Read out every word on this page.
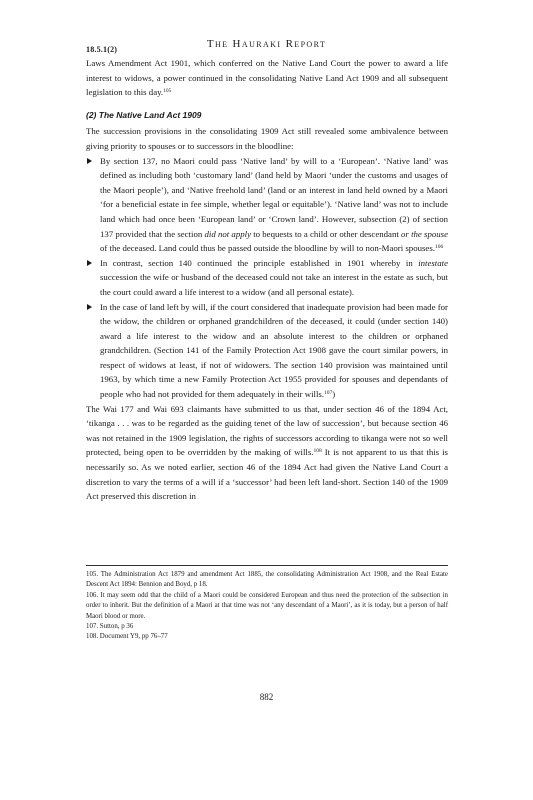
18.5.1(2)	The Hauraki Report

Laws Amendment Act 1901, which conferred on the Native Land Court the power to award a life interest to widows, a power continued in the consolidating Native Land Act 1909 and all subsequent legislation to this day.$^{105}$

(2) The Native Land Act 1909

The succession provisions in the consolidating 1909 Act still revealed some ambivalence between giving priority to spouses or to successors in the bloodline:

By section 137, no Maori could pass ‘Native land’ by will to a ‘European’. ‘Native land’ was defined as including both ‘customary land’ (land held by Maori ‘under the customs and usages of the Maori people’), and ‘Native freehold land’ (land or an interest in land held owned by a Maori ‘for a beneficial estate in fee simple, whether legal or equitable’). ‘Native land’ was not to include land which had once been ‘European land’ or ‘Crown land’. However, subsection (2) of section 137 provided that the section did not apply to bequests to a child or other descendant or the spouse of the deceased. Land could thus be passed outside the bloodline by will to non-Maori spouses.$^{106}$
In contrast, section 140 continued the principle established in 1901 whereby in intestate succession the wife or husband of the deceased could not take an interest in the estate as such, but the court could award a life interest to a widow (and all personal estate).
In the case of land left by will, if the court considered that inadequate provision had been made for the widow, the children or orphaned grandchildren of the deceased, it could (under section 140) award a life interest to the widow and an absolute interest to the children or orphaned grandchildren. (Section 141 of the Family Protection Act 1908 gave the court similar powers, in respect of widows at least, if not of widowers. The section 140 provision was maintained until 1963, by which time a new Family Protection Act 1955 provided for spouses and dependants of people who had not provided for them adequately in their wills.$^{107}$)

The Wai 177 and Wai 693 claimants have submitted to us that, under section 46 of the 1894 Act, ‘tikanga . . . was to be regarded as the guiding tenet of the law of succession’, but because section 46 was not retained in the 1909 legislation, the rights of successors according to tikanga were not so well protected, being open to be overridden by the making of wills.$^{108}$ It is not apparent to us that this is necessarily so. As we noted earlier, section 46 of the 1894 Act had given the Native Land Court a discretion to vary the terms of a will if a ‘successor’ had been left land-short. Section 140 of the 1909 Act preserved this discretion in

105. The Administration Act 1879 and amendment Act 1885, the consolidating Administration Act 1908, and the Real Estate Descent Act 1894: Bennion and Boyd, p 18.

106. It may seem odd that the child of a Maori could be considered European and thus need the protection of the subsection in order to inherit. But the definition of a Maori at that time was not ‘any descendant of a Maori’, as it is today, but a person of half Maori blood or more.

107. Sutton, p 36

108. Document Y9, pp 76–77

882
